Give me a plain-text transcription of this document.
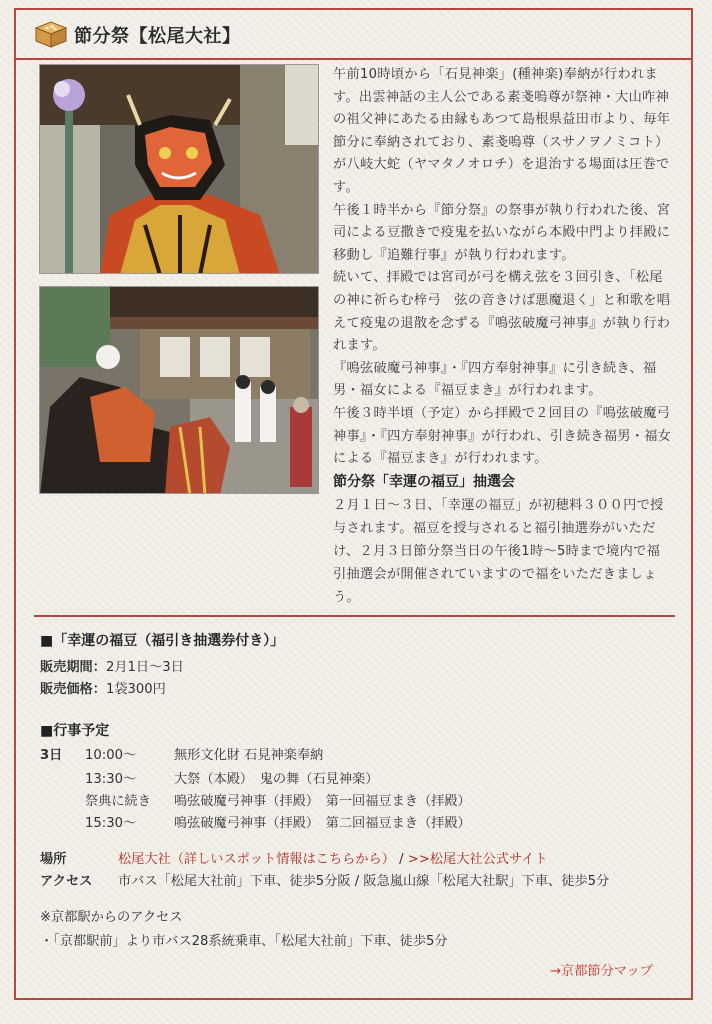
節分祭【松尾大社】

午前10時頃から「石見神楽」(種神楽)奉納が行われます。出雲神話の主人公である素戔嗚尊が祭神・大山咋神の祖父神にあたる由縁もあつて島根県益田市より、毎年節分に奉納されており、素戔嗚尊（スサノヲノミコト）が八岐大蛇（ヤマタノオロチ）を退治する場面は圧巻です。

午後１時半から『節分祭』の祭事が執り行われた後、宮司による豆撒きで疫鬼を払いながら本殿中門より拝殿に移動し『追難行事』が執り行われます。

続いて、拝殿では宮司が弓を構え弦を３回引き、「松尾の神に祈らむ梓弓　弦の音きけば悪魔退く」と和歌を唱えて疫鬼の退散を念ずる『鳴弦破魔弓神事』が執り行われます。

『鳴弦破魔弓神事』・『四方奉射神事』に引き続き、福男・福女による『福豆まき』が行われます。

午後３時半頃（予定）から拝殿で２回目の『鳴弦破魔弓神事』・『四方奉射神事』が行われ、引き続き福男・福女による『福豆まき』が行われます。

節分祭「幸運の福豆」抽選会

２月１日～３日、「幸運の福豆」が初穂料３００円で授与されます。福豆を授与されると福引抽選券がいただけ、２月３日節分祭当日の午後1時～5時まで境内で福引抽選会が開催されていますので福をいただきましょう。

■「幸運の福豆（福引き抽選券付き）」
販売期間：2月1日～3日
販売価格：1袋300円
■行事予定
3日 10:00～	無形文化財 石見神楽奉納
13:30～	大祭（本殿）　鬼の舞（石見神楽）
祭典に続き 鳴弦破魔弓神事（拝殿）　第一回福豆まき（拝殿）
15:30～	鳴弦破魔弓神事（拝殿）　第二回福豆まき（拝殿）
場所	松尾大社（詳しいスポット情報はこちらから） / >>松尾大社公式サイト
アクセス 市バス「松尾大社前」下車、徒歩5分阪 / 阪急嵐山線「松尾大社駅」下車、徒歩5分
※京都駅からのアクセス
・「京都駅前」より市バス28系統乗車、「松尾大社前」下車、徒歩5分
→京都節分マップ
